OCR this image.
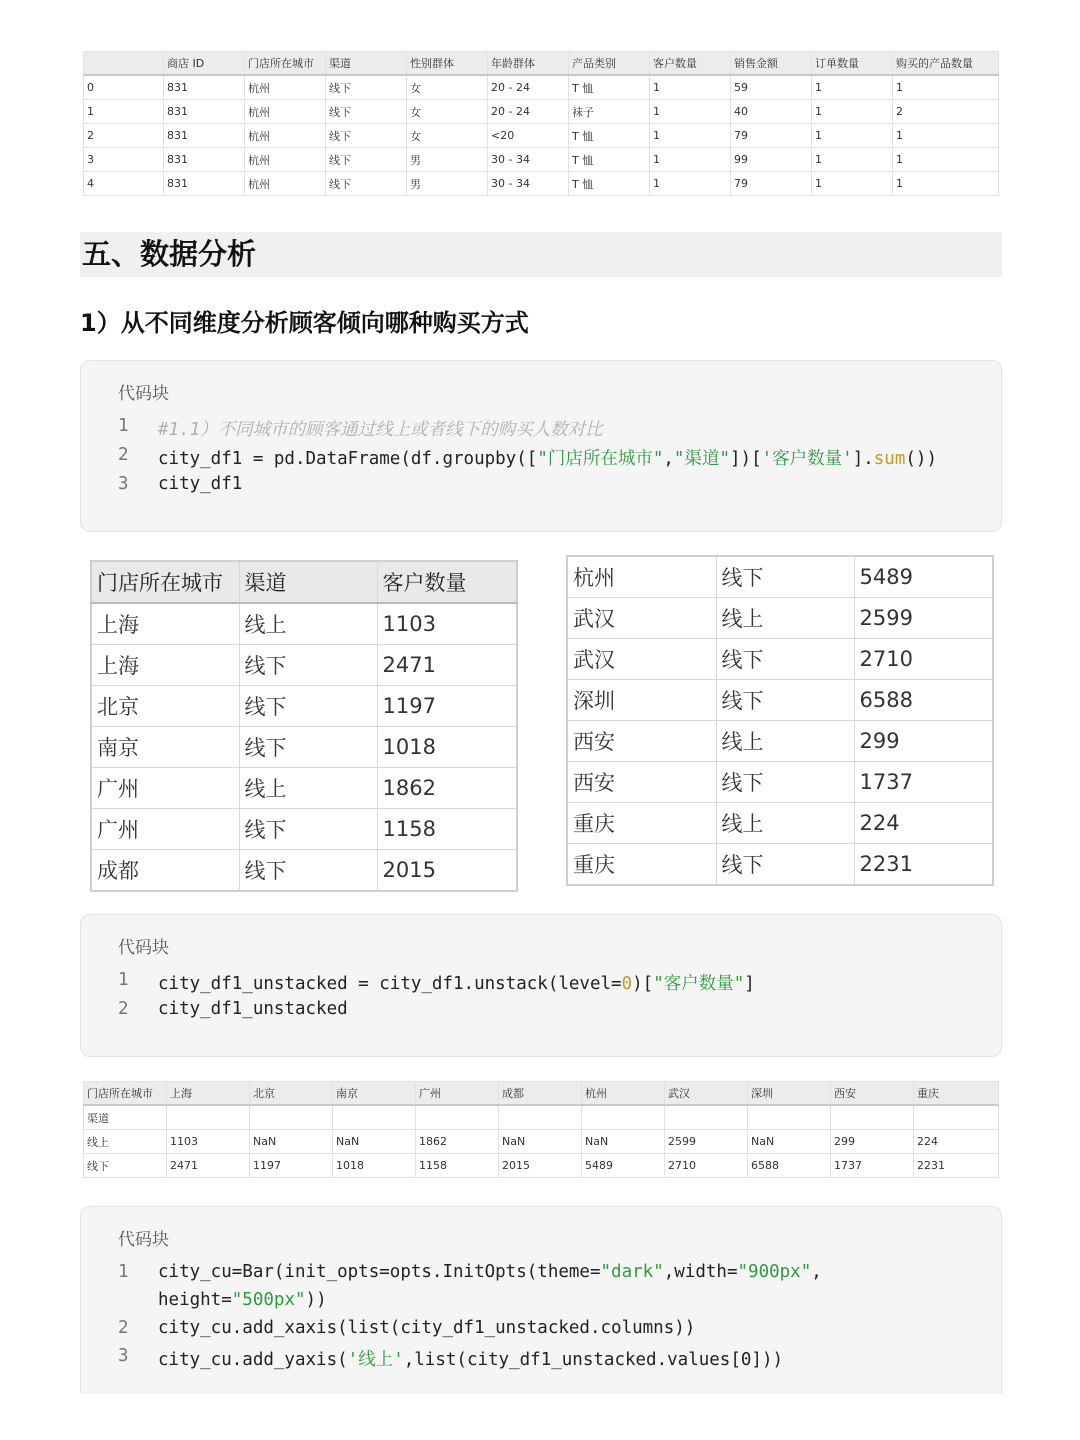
	商店 ID	门店所在城市	渠道	性别群体	年龄群体	产品类别	客户数量	销售金额	订单数量	购买的产品数量
0	831	杭州	线下	女	20 - 24	T 恤	1	59	1	1
1	831	杭州	线下	女	20 - 24	袜子	1	40	1	2
2	831	杭州	线下	女	<20	T 恤	1	79	1	1
3	831	杭州	线下	男	30 - 34	T 恤	1	99	1	1
4	831	杭州	线下	男	30 - 34	T 恤	1	79	1	1
五、数据分析
1）从不同维度分析顾客倾向哪种购买方式
代码块
1	#1.1）不同城市的顾客通过线上或者线下的购买人数对比
2	city_df1 = pd.DataFrame(df.groupby(["门店所在城市","渠道"])['客户数量'].sum())
3	city_df1
门店所在城市	渠道	客户数量
上海	线上	1103
上海	线下	2471
北京	线下	1197
南京	线下	1018
广州	线上	1862
广州	线下	1158
成都	线下	2015
杭州	线下	5489
武汉	线上	2599
武汉	线下	2710
深圳	线下	6588
西安	线上	299
西安	线下	1737
重庆	线上	224
重庆	线下	2231
代码块
1	city_df1_unstacked = city_df1.unstack(level=0)["客户数量"]
2	city_df1_unstacked
门店所在城市	上海	北京	南京	广州	成都	杭州	武汉	深圳	西安	重庆
渠道										
线上	1103	NaN	NaN	1862	NaN	NaN	2599	NaN	299	224
线下	2471	1197	1018	1158	2015	5489	2710	6588	1737	2231
代码块
1	city_cu=Bar(init_opts=opts.InitOpts(theme="dark",width="900px",
height="500px"))
2	city_cu.add_xaxis(list(city_df1_unstacked.columns))
3	city_cu.add_yaxis('线上',list(city_df1_unstacked.values[0]))
